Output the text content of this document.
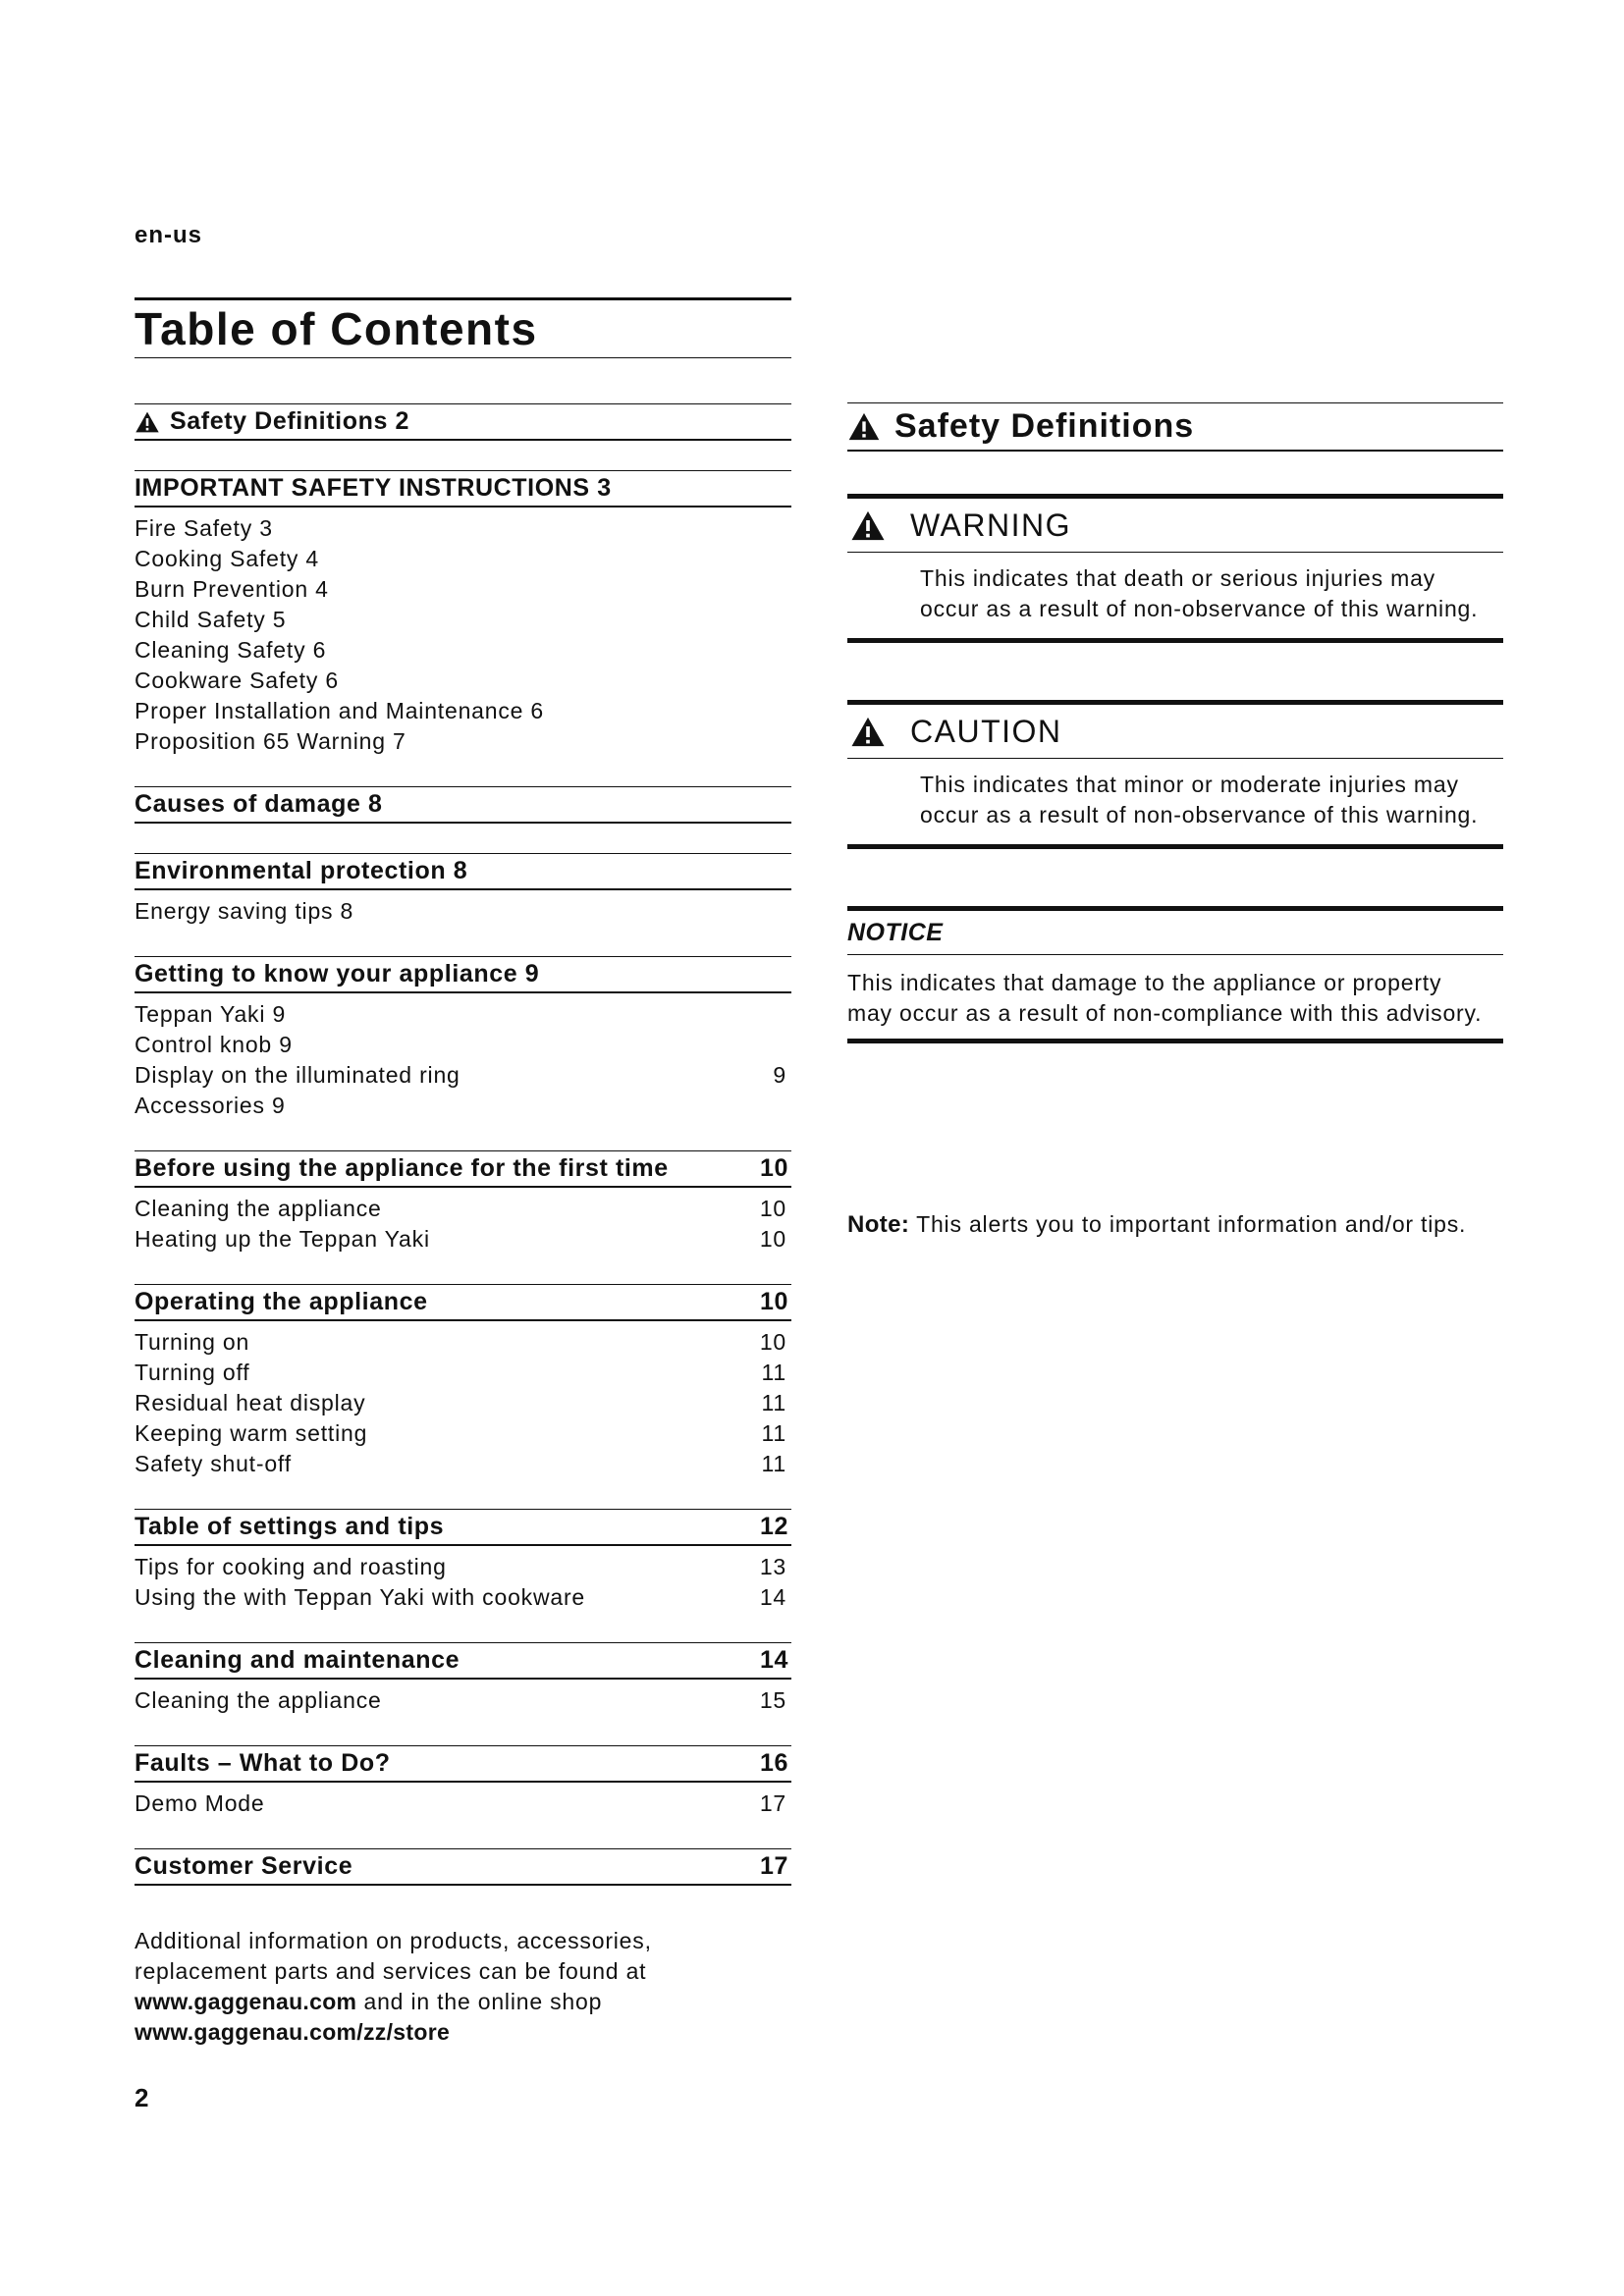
en-us
Table of Contents
Safety Definitions 2
IMPORTANT SAFETY INSTRUCTIONS 3
Fire Safety 3
Cooking Safety 4
Burn Prevention 4
Child Safety 5
Cleaning Safety 6
Cookware Safety 6
Proper Installation and Maintenance 6
Proposition 65 Warning 7
Causes of damage 8
Environmental protection 8
Energy saving tips 8
Getting to know your appliance 9
Teppan Yaki 9
Control knob 9
Display on the illuminated ring	9
Accessories 9
Before using the appliance for the first time	10
Cleaning the appliance	10
Heating up the Teppan Yaki	10
Operating the appliance	10
Turning on	10
Turning off	11
Residual heat display	11
Keeping warm setting	11
Safety shut-off	11
Table of settings and tips	12
Tips for cooking and roasting	13
Using the with Teppan Yaki with cookware	14
Cleaning and maintenance	14
Cleaning the appliance	15
Faults – What to Do?	16
Demo Mode	17
Customer Service	17
Additional information on products, accessories,
replacement parts and services can be found at
www.gaggenau.com and in the online shop
www.gaggenau.com/zz/store
2
Safety Definitions
WARNING
This indicates that death or serious injuries may occur as a result of non-observance of this warning.
CAUTION
This indicates that minor or moderate injuries may occur as a result of non-observance of this warning.
NOTICE
This indicates that damage to the appliance or property may occur as a result of non-compliance with this advisory.
Note: This alerts you to important information and/or tips.
